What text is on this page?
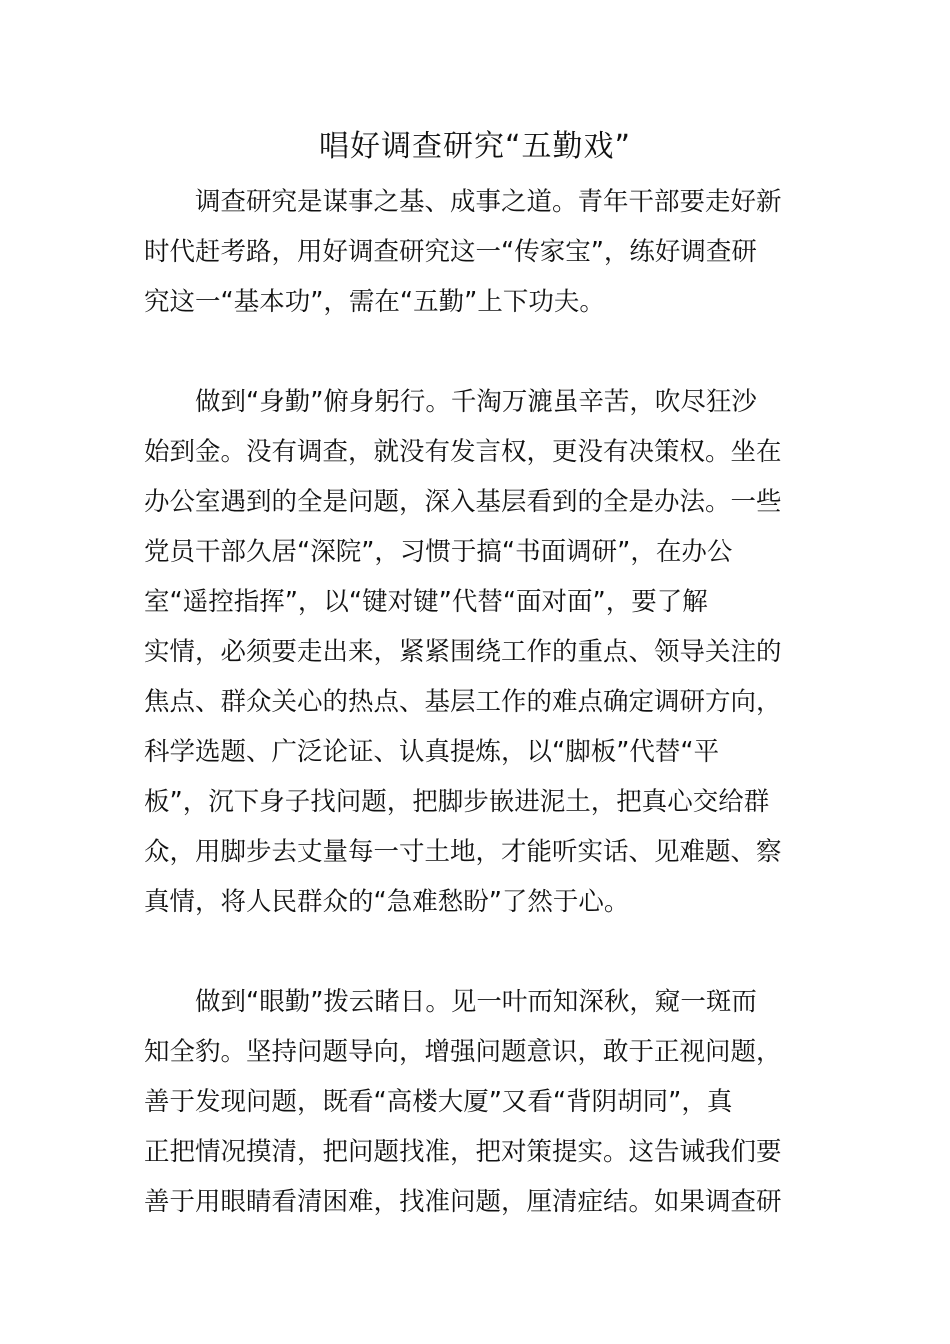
唱好调查研究“五勤戏”
调查研究是谋事之基、成事之道。青年干部要走好新
时代赶考路，用好调查研究这一“传家宝”，练好调查研
究这一“基本功”，需在“五勤”上下功夫。
做到“身勤”俯身躬行。千淘万漉虽辛苦，吹尽狂沙
始到金。没有调查，就没有发言权，更没有决策权。坐在
办公室遇到的全是问题，深入基层看到的全是办法。一些
党员干部久居“深院”，习惯于搞“书面调研”，在办公
室“遥控指挥”，以“键对键”代替“面对面”，要了解
实情，必须要走出来，紧紧围绕工作的重点、领导关注的
焦点、群众关心的热点、基层工作的难点确定调研方向，
科学选题、广泛论证、认真提炼，以“脚板”代替“平
板”，沉下身子找问题，把脚步嵌进泥土，把真心交给群
众，用脚步去丈量每一寸土地，才能听实话、见难题、察
真情，将人民群众的“急难愁盼”了然于心。
做到“眼勤”拨云睹日。见一叶而知深秋，窥一斑而
知全豹。坚持问题导向，增强问题意识，敢于正视问题，
善于发现问题，既看“高楼大厦”又看“背阴胡同”，真
正把情况摸清，把问题找准，把对策提实。这告诫我们要
善于用眼睛看清困难，找准问题，厘清症结。如果调查研
